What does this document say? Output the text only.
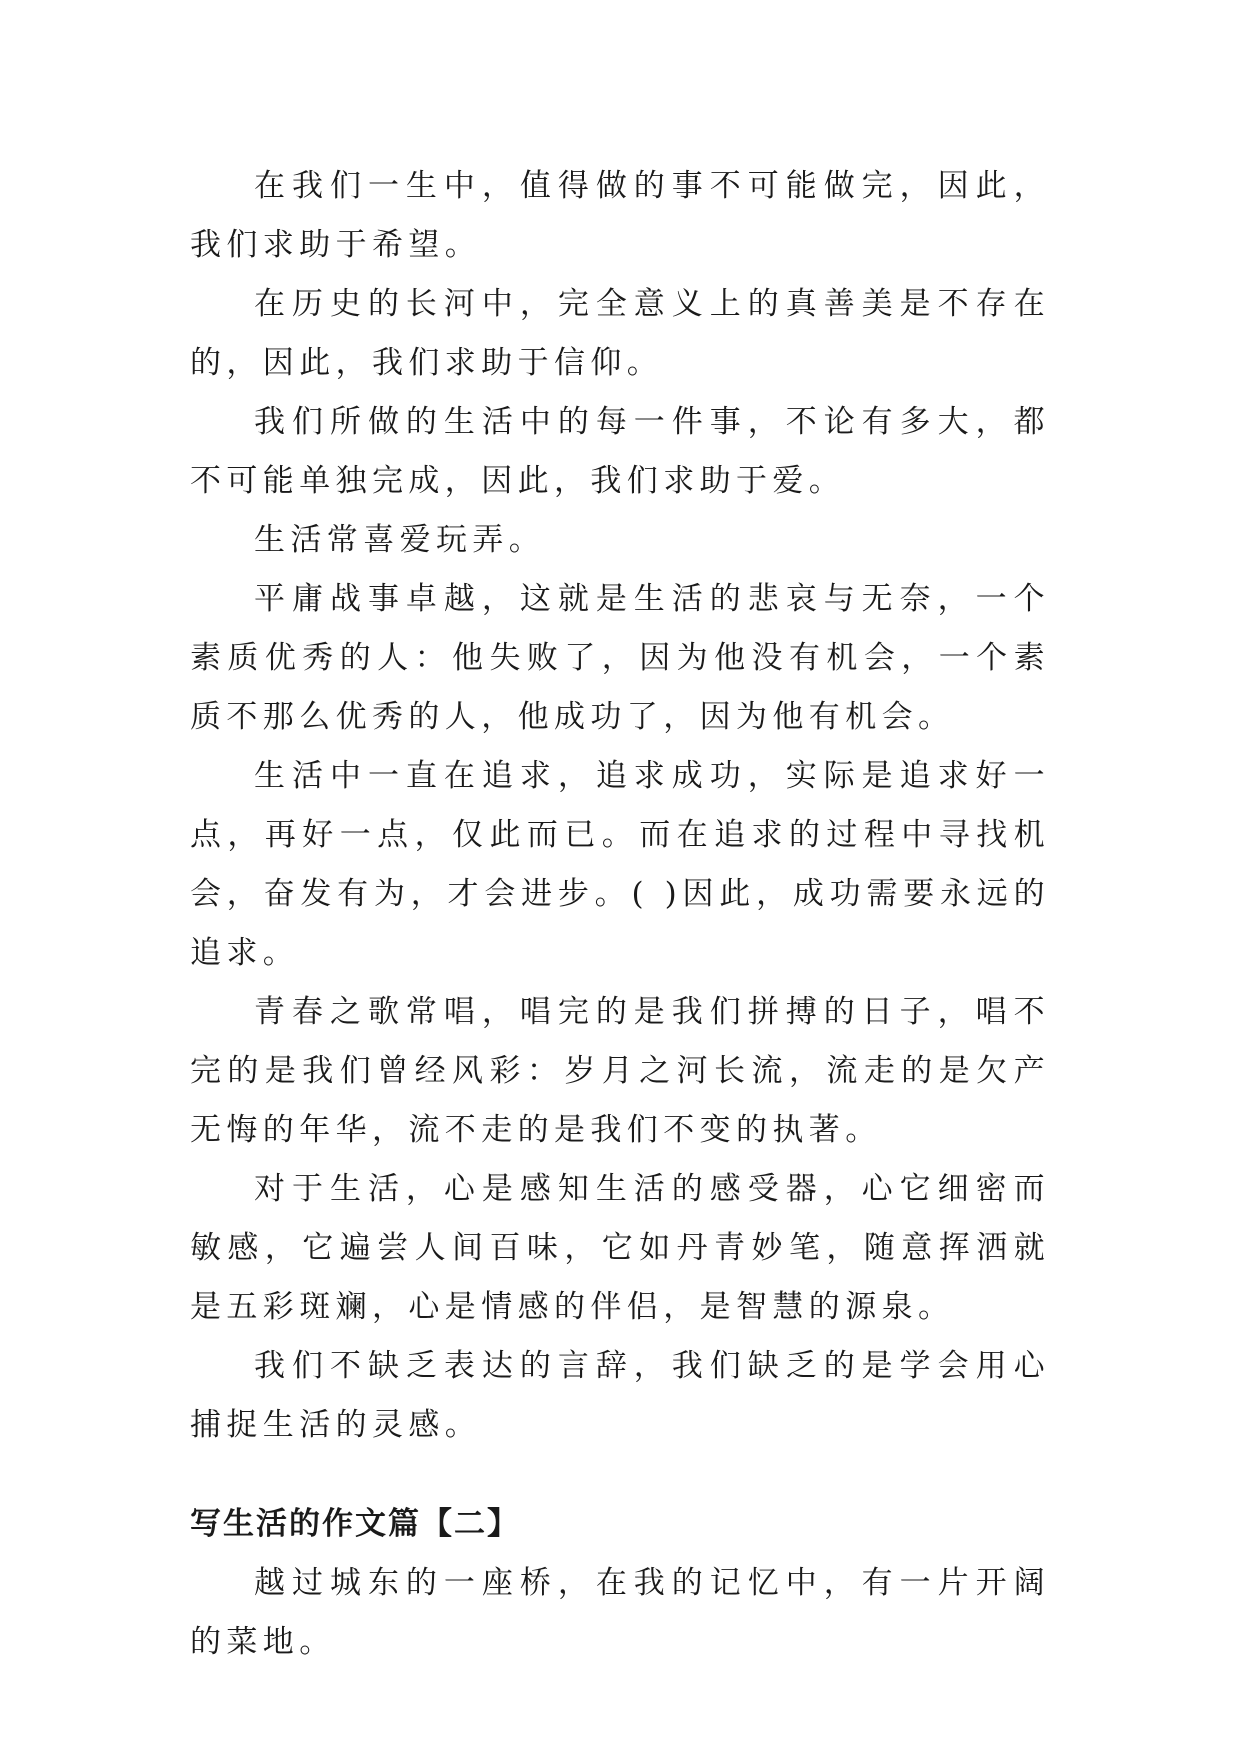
在我们一生中，值得做的事不可能做完，因此，我们求助于希望。

在历史的长河中，完全意义上的真善美是不存在的，因此，我们求助于信仰。

我们所做的生活中的每一件事，不论有多大，都不可能单独完成，因此，我们求助于爱。

生活常喜爱玩弄。

平庸战事卓越，这就是生活的悲哀与无奈，一个素质优秀的人：他失败了，因为他没有机会，一个素质不那么优秀的人，他成功了，因为他有机会。

生活中一直在追求，追求成功，实际是追求好一点，再好一点，仅此而已。而在追求的过程中寻找机会，奋发有为，才会进步。( )因此，成功需要永远的追求。

青春之歌常唱，唱完的是我们拼搏的日子，唱不完的是我们曾经风彩：岁月之河长流，流走的是欠产无悔的年华，流不走的是我们不变的执著。

对于生活，心是感知生活的感受器，心它细密而敏感，它遍尝人间百味，它如丹青妙笔，随意挥洒就是五彩斑斓，心是情感的伴侣，是智慧的源泉。

我们不缺乏表达的言辞，我们缺乏的是学会用心捕捉生活的灵感。

写生活的作文篇【二】

越过城东的一座桥，在我的记忆中，有一片开阔的菜地。
